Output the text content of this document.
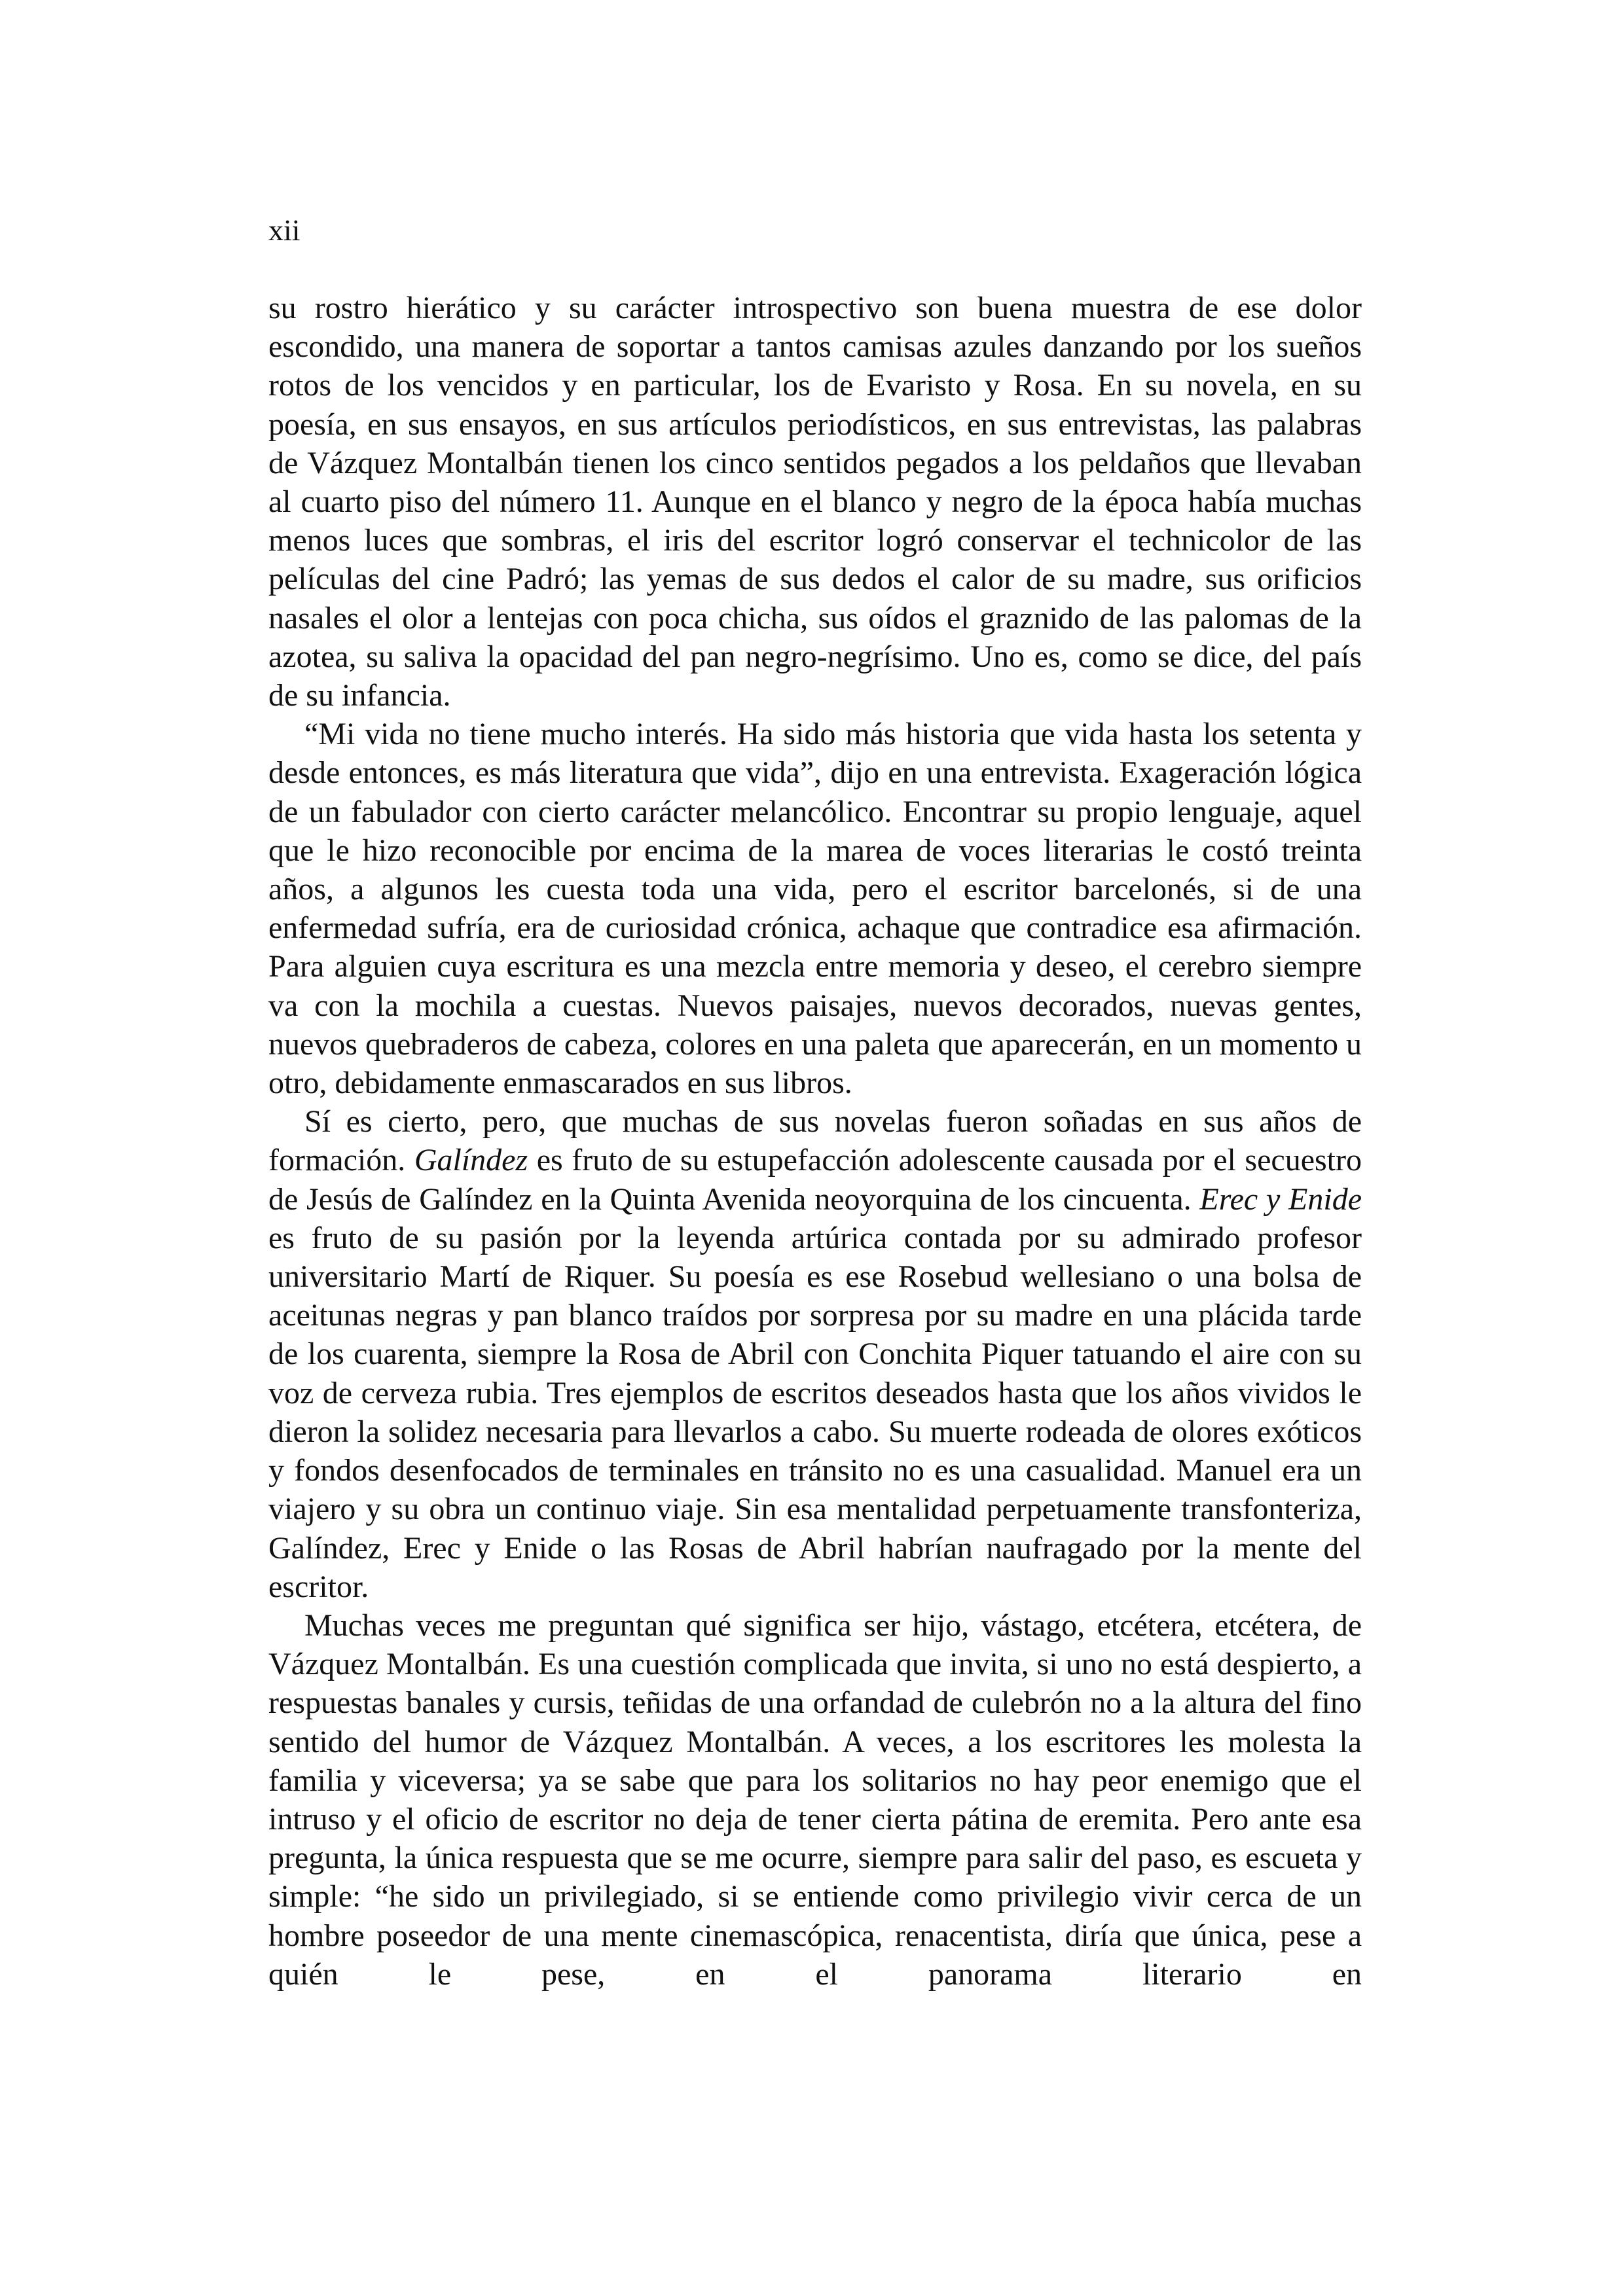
xii

su rostro hierático y su carácter introspectivo son buena muestra de ese dolor escondido, una manera de soportar a tantos camisas azules danzando por los sueños rotos de los vencidos y en particular, los de Evaristo y Rosa. En su novela, en su poesía, en sus ensayos, en sus artículos periodísticos, en sus entrevistas, las palabras de Vázquez Montalbán tienen los cinco sentidos pegados a los peldaños que llevaban al cuarto piso del número 11. Aunque en el blanco y negro de la época había muchas menos luces que sombras, el iris del escritor logró conservar el technicolor de las películas del cine Padró; las yemas de sus dedos el calor de su madre, sus orificios nasales el olor a lentejas con poca chicha, sus oídos el graznido de las palomas de la azotea, su saliva la opacidad del pan negro-negrísimo. Uno es, como se dice, del país de su infancia.

“Mi vida no tiene mucho interés. Ha sido más historia que vida hasta los setenta y desde entonces, es más literatura que vida”, dijo en una entrevista. Exageración lógica de un fabulador con cierto carácter melancólico. Encontrar su propio lenguaje, aquel que le hizo reconocible por encima de la marea de voces literarias le costó treinta años, a algunos les cuesta toda una vida, pero el escritor barcelonés, si de una enfermedad sufría, era de curiosidad crónica, achaque que contradice esa afirmación. Para alguien cuya escritura es una mezcla entre memoria y deseo, el cerebro siempre va con la mochila a cuestas. Nuevos paisajes, nuevos decorados, nuevas gentes, nuevos quebraderos de cabeza, colores en una paleta que aparecerán, en un momento u otro, debidamente enmascarados en sus libros.

Sí es cierto, pero, que muchas de sus novelas fueron soñadas en sus años de formación. Galíndez es fruto de su estupefacción adolescente causada por el secuestro de Jesús de Galíndez en la Quinta Avenida neoyorquina de los cincuenta. Erec y Enide es fruto de su pasión por la leyenda artúrica contada por su admirado profesor universitario Martí de Riquer. Su poesía es ese Rosebud wellesiano o una bolsa de aceitunas negras y pan blanco traídos por sorpresa por su madre en una plácida tarde de los cuarenta, siempre la Rosa de Abril con Conchita Piquer tatuando el aire con su voz de cerveza rubia. Tres ejemplos de escritos deseados hasta que los años vividos le dieron la solidez necesaria para llevarlos a cabo. Su muerte rodeada de olores exóticos y fondos desenfocados de terminales en tránsito no es una casualidad. Manuel era un viajero y su obra un continuo viaje. Sin esa mentalidad perpetuamente transfonteriza, Galíndez, Erec y Enide o las Rosas de Abril habrían naufragado por la mente del escritor.

Muchas veces me preguntan qué significa ser hijo, vástago, etcétera, etcétera, de Vázquez Montalbán. Es una cuestión complicada que invita, si uno no está despierto, a respuestas banales y cursis, teñidas de una orfandad de culebrón no a la altura del fino sentido del humor de Vázquez Montalbán. A veces, a los escritores les molesta la familia y viceversa; ya se sabe que para los solitarios no hay peor enemigo que el intruso y el oficio de escritor no deja de tener cierta pátina de eremita. Pero ante esa pregunta, la única respuesta que se me ocurre, siempre para salir del paso, es escueta y simple: “he sido un privilegiado, si se entiende como privilegio vivir cerca de un hombre poseedor de una mente cinemascópica, renacentista, diría que única, pese a quién le pese, en el panorama literario en
